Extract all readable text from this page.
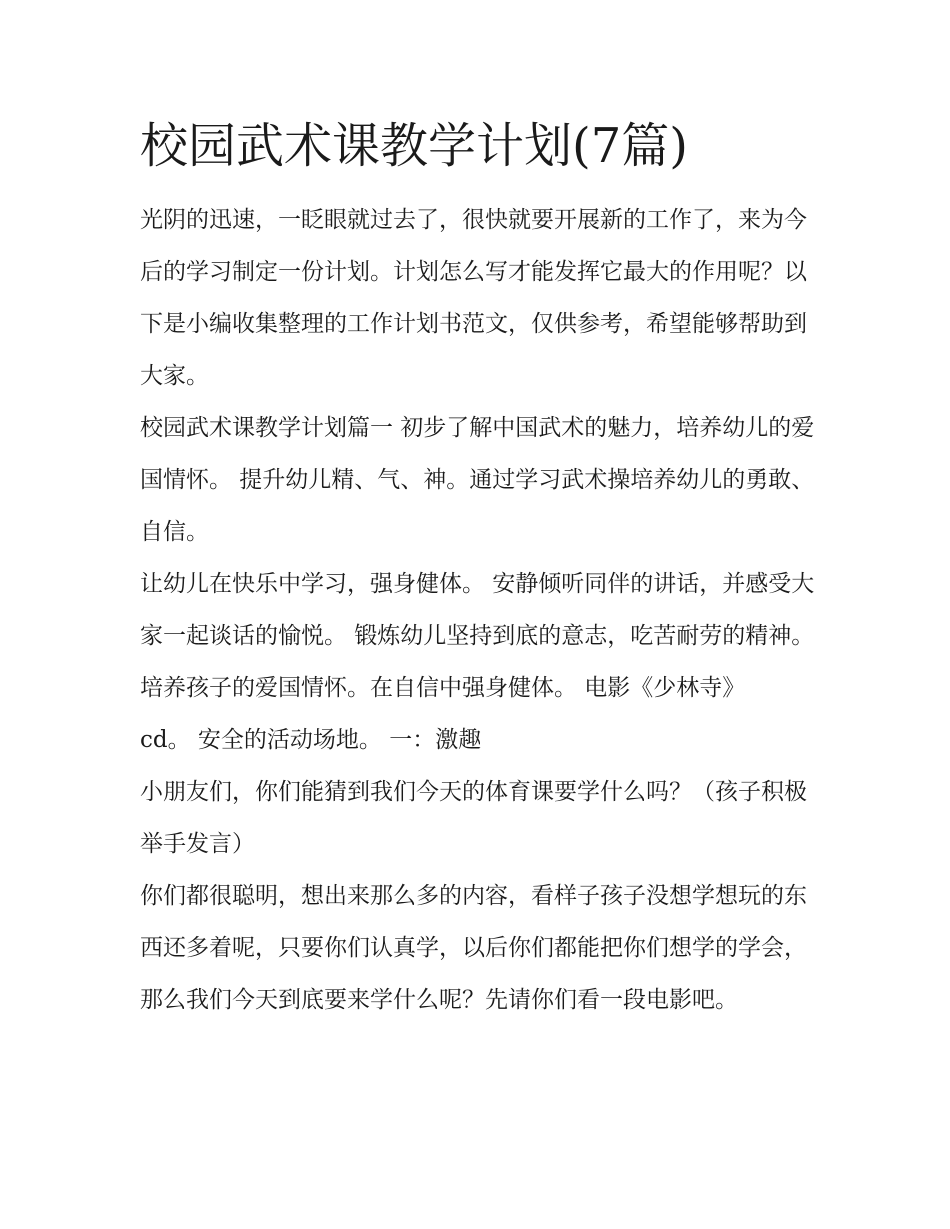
校园武术课教学计划(7篇)

光阴的迅速，一眨眼就过去了，很快就要开展新的工作了，来为今后的学习制定一份计划。计划怎么写才能发挥它最大的作用呢？以下是小编收集整理的工作计划书范文，仅供参考，希望能够帮助到大家。

校园武术课教学计划篇一 初步了解中国武术的魅力，培养幼儿的爱国情怀。 提升幼儿精、气、神。通过学习武术操培养幼儿的勇敢、自信。

让幼儿在快乐中学习，强身健体。 安静倾听同伴的讲话，并感受大家一起谈话的愉悦。 锻炼幼儿坚持到底的意志，吃苦耐劳的精神。

培养孩子的爱国情怀。在自信中强身健体。 电影《少林寺》cd。 安全的活动场地。 一：激趣

小朋友们，你们能猜到我们今天的体育课要学什么吗？（孩子积极举手发言）

你们都很聪明，想出来那么多的内容，看样子孩子没想学想玩的东西还多着呢，只要你们认真学，以后你们都能把你们想学的学会，那么我们今天到底要来学什么呢？先请你们看一段电影吧。
